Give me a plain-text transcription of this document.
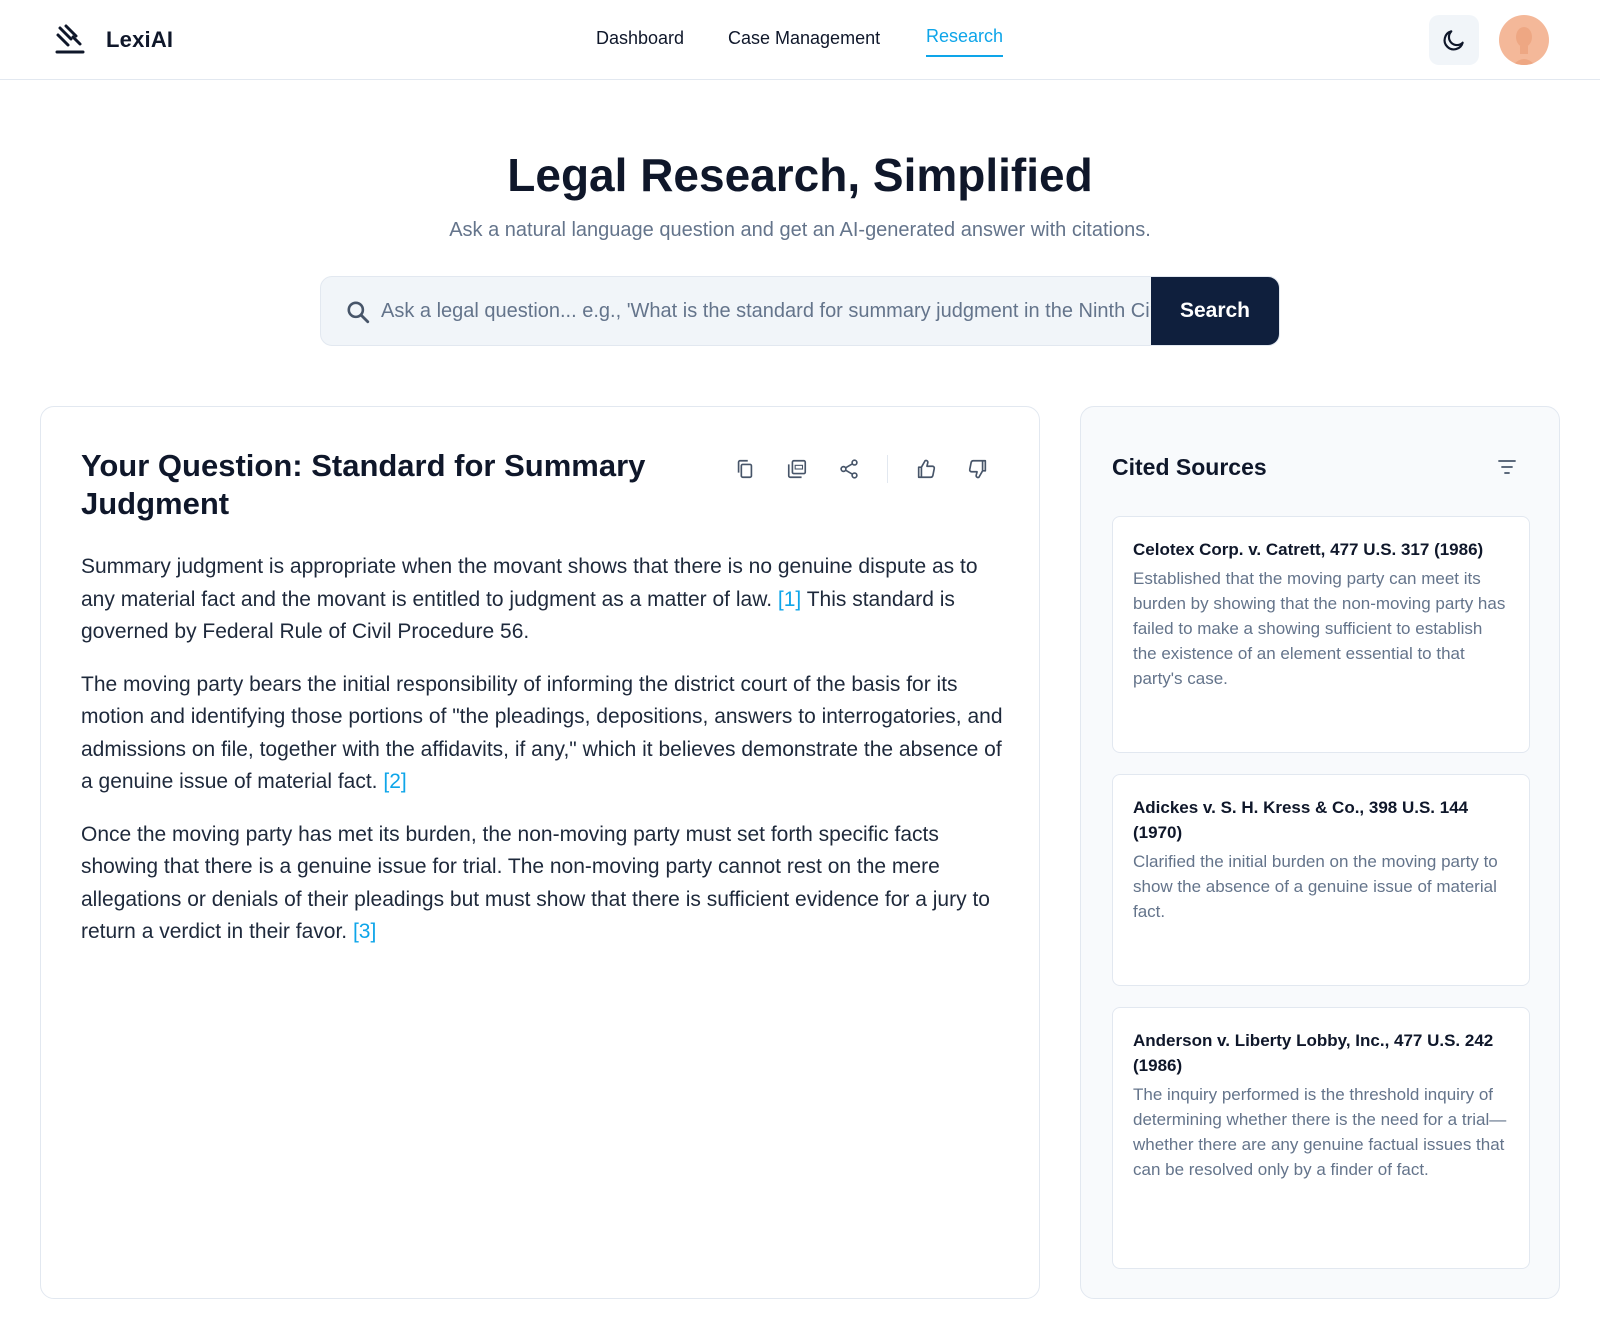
LexiAI	Dashboard Case Management	Research
Legal Research, Simplified

Ask a natural language question and get an AI-generated answer with citations.

Ask a legal question... e.g., 'What is the standard for summary judgment in the Ninth Circuit?'
Search
Your Question: Standard for Summary Judgment

Summary judgment is appropriate when the movant shows that there is no genuine dispute as to any material fact and the movant is entitled to judgment as a matter of law. [1] This standard is governed by Federal Rule of Civil Procedure 56.

The moving party bears the initial responsibility of informing the district court of the basis for its motion and identifying those portions of "the pleadings, depositions, answers to interrogatories, and admissions on file, together with the affidavits, if any," which it believes demonstrate the absence of a genuine issue of material fact. [2]

Once the moving party has met its burden, the non-moving party must set forth specific facts showing that there is a genuine issue for trial. The non-moving party cannot rest on the mere allegations or denials of their pleadings but must show that there is sufficient evidence for a jury to return a verdict in their favor. [3]

Cited Sources
Celotex Corp. v. Catrett, 477 U.S. 317 (1986)
Established that the moving party can meet its burden by showing that the non-moving party has failed to make a showing sufficient to establish the existence of an element essential to that party's case.
Adickes v. S. H. Kress & Co., 398 U.S. 144 (1970)
Clarified the initial burden on the moving party to show the absence of a genuine issue of material fact.
Anderson v. Liberty Lobby, Inc., 477 U.S. 242 (1986)
The inquiry performed is the threshold inquiry of determining whether there is the need for a trial—whether there are any genuine factual issues that can be resolved only by a finder of fact.
